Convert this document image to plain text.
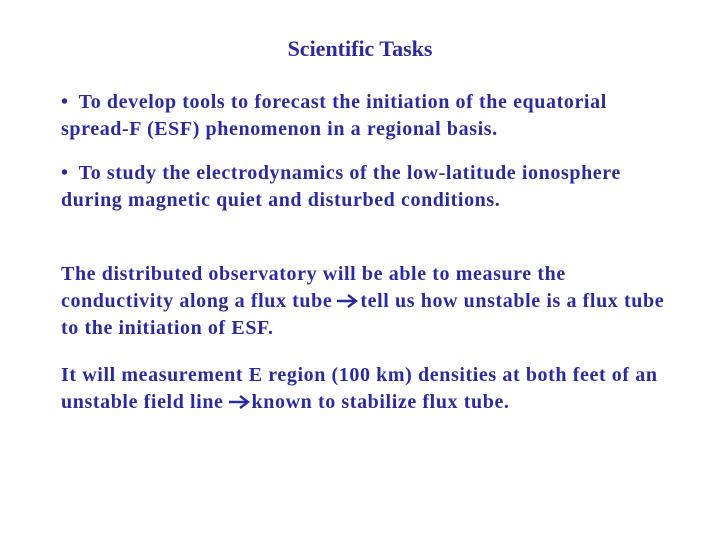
Scientific Tasks

• To develop tools to forecast the initiation of the equatorial spread-F (ESF) phenomenon in a regional basis.

• To study the electrodynamics of the low-latitude ionosphere during magnetic quiet and disturbed conditions.

The distributed observatory will be able to measure the conductivity along a flux tube tell us how unstable is a flux tube to the initiation of ESF.

It will measurement E region (100 km) densities at both feet of an unstable field line known to stabilize flux tube.
